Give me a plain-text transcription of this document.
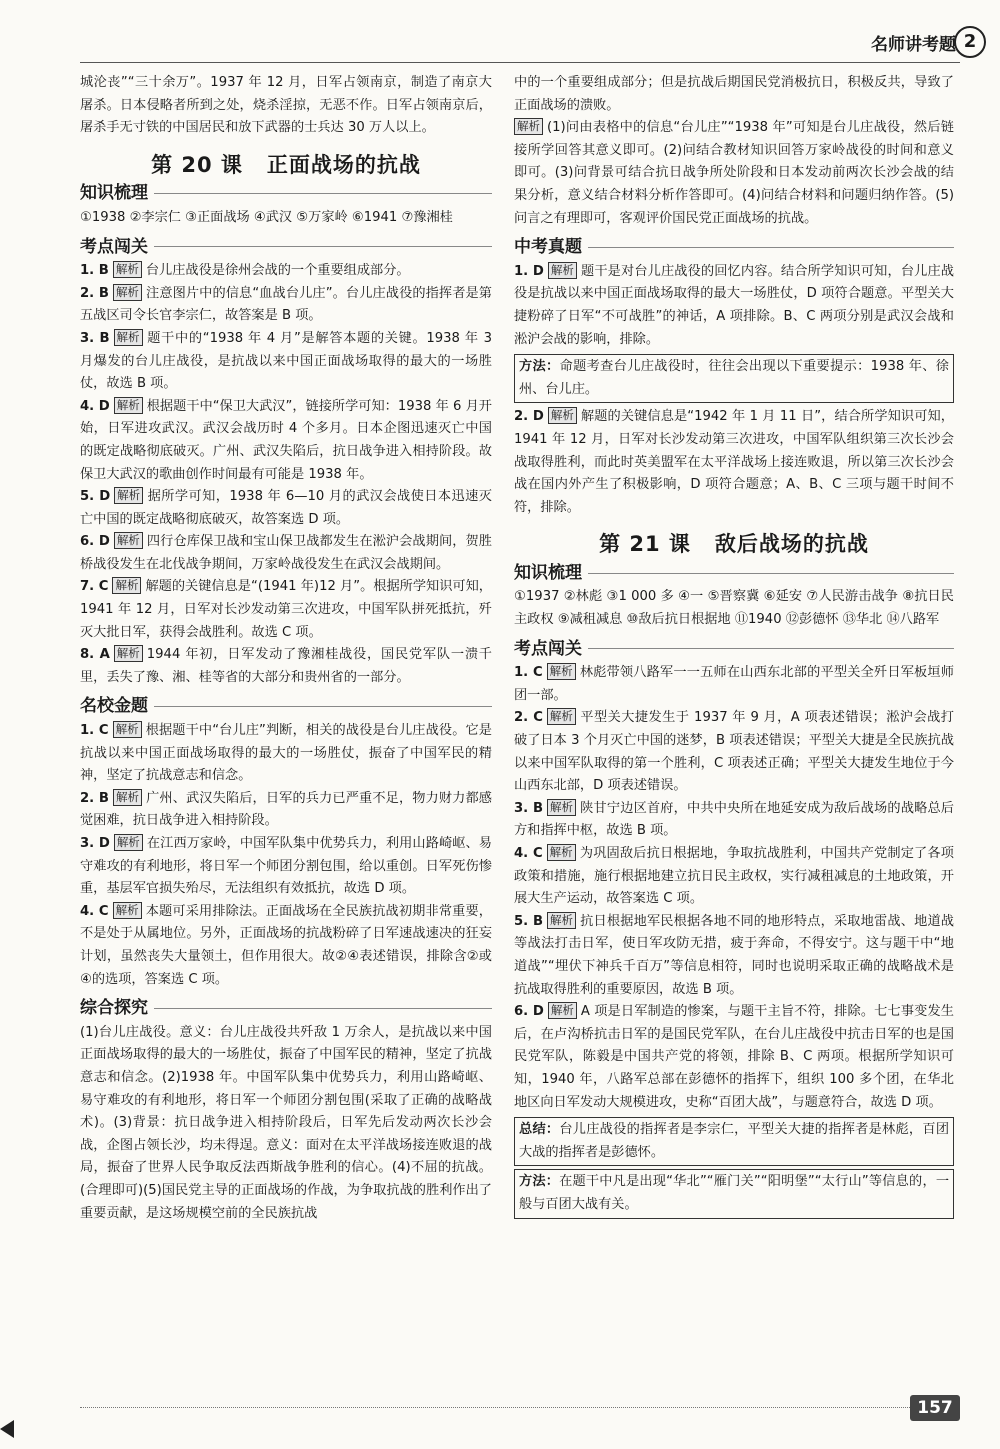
名师讲考题 2

城沦丧”“三十余万”。1937 年 12 月，日军占领南京，制造了南京大屠杀。日本侵略者所到之处，烧杀淫掠，无恶不作。日军占领南京后，屠杀手无寸铁的中国居民和放下武器的士兵达 30 万人以上。

第 20 课 正面战场的抗战
知识梳理

①1938 ②李宗仁 ③正面战场 ④武汉 ⑤万家岭 ⑥1941 ⑦豫湘桂

考点闯关

1. B 解析 台儿庄战役是徐州会战的一个重要组成部分。

2. B 解析 注意图片中的信息“血战台儿庄”。台儿庄战役的指挥者是第五战区司令长官李宗仁，故答案是 B 项。

3. B 解析 题干中的“1938 年 4 月”是解答本题的关键。1938 年 3 月爆发的台儿庄战役，是抗战以来中国正面战场取得的最大的一场胜仗，故选 B 项。

4. D 解析 根据题干中“保卫大武汉”，链接所学可知：1938 年 6 月开始，日军进攻武汉。武汉会战历时 4 个多月。日本企图迅速灭亡中国的既定战略彻底破灭。广州、武汉失陷后，抗日战争进入相持阶段。故保卫大武汉的歌曲创作时间最有可能是 1938 年。

5. D 解析 据所学可知，1938 年 6—10 月的武汉会战使日本迅速灭亡中国的既定战略彻底破灭，故答案选 D 项。

6. D 解析 四行仓库保卫战和宝山保卫战都发生在淞沪会战期间，贺胜桥战役发生在北伐战争期间，万家岭战役发生在武汉会战期间。

7. C 解析 解题的关键信息是“(1941 年)12 月”。根据所学知识可知，1941 年 12 月，日军对长沙发动第三次进攻，中国军队拼死抵抗，歼灭大批日军，获得会战胜利。故选 C 项。

8. A 解析 1944 年初，日军发动了豫湘桂战役，国民党军队一溃千里，丢失了豫、湘、桂等省的大部分和贵州省的一部分。

名校金题

1. C 解析 根据题干中“台儿庄”判断，相关的战役是台儿庄战役。它是抗战以来中国正面战场取得的最大的一场胜仗，振奋了中国军民的精神，坚定了抗战意志和信念。

2. B 解析 广州、武汉失陷后，日军的兵力已严重不足，物力财力都感觉困难，抗日战争进入相持阶段。

3. D 解析 在江西万家岭，中国军队集中优势兵力，利用山路崎岖、易守难攻的有利地形，将日军一个师团分割包围，给以重创。日军死伤惨重，基层军官损失殆尽，无法组织有效抵抗，故选 D 项。

4. C 解析 本题可采用排除法。正面战场在全民族抗战初期非常重要，不是处于从属地位。另外，正面战场的抗战粉碎了日军速战速决的狂妄计划，虽然丧失大量领土，但作用很大。故②④表述错误，排除含②或④的选项，答案选 C 项。

综合探究

(1)台儿庄战役。意义：台儿庄战役共歼敌 1 万余人，是抗战以来中国正面战场取得的最大的一场胜仗，振奋了中国军民的精神，坚定了抗战意志和信念。(2)1938 年。中国军队集中优势兵力，利用山路崎岖、易守难攻的有利地形，将日军一个师团分割包围(采取了正确的战略战术)。(3)背景：抗日战争进入相持阶段后，日军先后发动两次长沙会战，企图占领长沙，均未得逞。意义：面对在太平洋战场接连败退的战局，振奋了世界人民争取反法西斯战争胜利的信心。(4)不屈的抗战。(合理即可)(5)国民党主导的正面战场的作战，为争取抗战的胜利作出了重要贡献，是这场规模空前的全民族抗战

中的一个重要组成部分；但是抗战后期国民党消极抗日，积极反共，导致了正面战场的溃败。

解析 (1)问由表格中的信息“台儿庄”“1938 年”可知是台儿庄战役，然后链接所学回答其意义即可。(2)问结合教材知识回答万家岭战役的时间和意义即可。(3)问背景可结合抗日战争所处阶段和日本发动前两次长沙会战的结果分析，意义结合材料分析作答即可。(4)问结合材料和问题归纳作答。(5)问言之有理即可，客观评价国民党正面战场的抗战。

中考真题

1. D 解析 题干是对台儿庄战役的回忆内容。结合所学知识可知，台儿庄战役是抗战以来中国正面战场取得的最大一场胜仗，D 项符合题意。平型关大捷粉碎了日军“不可战胜”的神话，A 项排除。B、C 两项分别是武汉会战和淞沪会战的影响，排除。

方法：命题考查台儿庄战役时，往往会出现以下重要提示：1938 年、徐州、台儿庄。

2. D 解析 解题的关键信息是“1942 年 1 月 11 日”，结合所学知识可知，1941 年 12 月，日军对长沙发动第三次进攻，中国军队组织第三次长沙会战取得胜利，而此时英美盟军在太平洋战场上接连败退，所以第三次长沙会战在国内外产生了积极影响，D 项符合题意；A、B、C 三项与题干时间不符，排除。

第 21 课 敌后战场的抗战
知识梳理

①1937 ②林彪 ③1 000 多 ④一 ⑤晋察冀 ⑥延安 ⑦人民游击战争 ⑧抗日民主政权 ⑨减租减息 ⑩敌后抗日根据地 ⑪1940 ⑫彭德怀 ⑬华北 ⑭八路军

考点闯关

1. C 解析 林彪带领八路军一一五师在山西东北部的平型关全歼日军板垣师团一部。

2. C 解析 平型关大捷发生于 1937 年 9 月，A 项表述错误；淞沪会战打破了日本 3 个月灭亡中国的迷梦，B 项表述错误；平型关大捷是全民族抗战以来中国军队取得的第一个胜利，C 项表述正确；平型关大捷发生地位于今山西东北部，D 项表述错误。

3. B 解析 陕甘宁边区首府，中共中央所在地延安成为敌后战场的战略总后方和指挥中枢，故选 B 项。

4. C 解析 为巩固敌后抗日根据地，争取抗战胜利，中国共产党制定了各项政策和措施，施行根据地建立抗日民主政权，实行减租减息的土地政策，开展大生产运动，故答案选 C 项。

5. B 解析 抗日根据地军民根据各地不同的地形特点，采取地雷战、地道战等战法打击日军，使日军攻防无措，疲于奔命，不得安宁。这与题干中“地道战”“埋伏下神兵千百万”等信息相符，同时也说明采取正确的战略战术是抗战取得胜利的重要原因，故选 B 项。

6. D 解析 A 项是日军制造的惨案，与题干主旨不符，排除。七七事变发生后，在卢沟桥抗击日军的是国民党军队，在台儿庄战役中抗击日军的也是国民党军队，陈毅是中国共产党的将领，排除 B、C 两项。根据所学知识可知，1940 年，八路军总部在彭德怀的指挥下，组织 100 多个团，在华北地区向日军发动大规模进攻，史称“百团大战”，与题意符合，故选 D 项。

总结：台儿庄战役的指挥者是李宗仁，平型关大捷的指挥者是林彪，百团大战的指挥者是彭德怀。
方法：在题干中凡是出现“华北”“雁门关”“阳明堡”“太行山”等信息的，一般与百团大战有关。
157
